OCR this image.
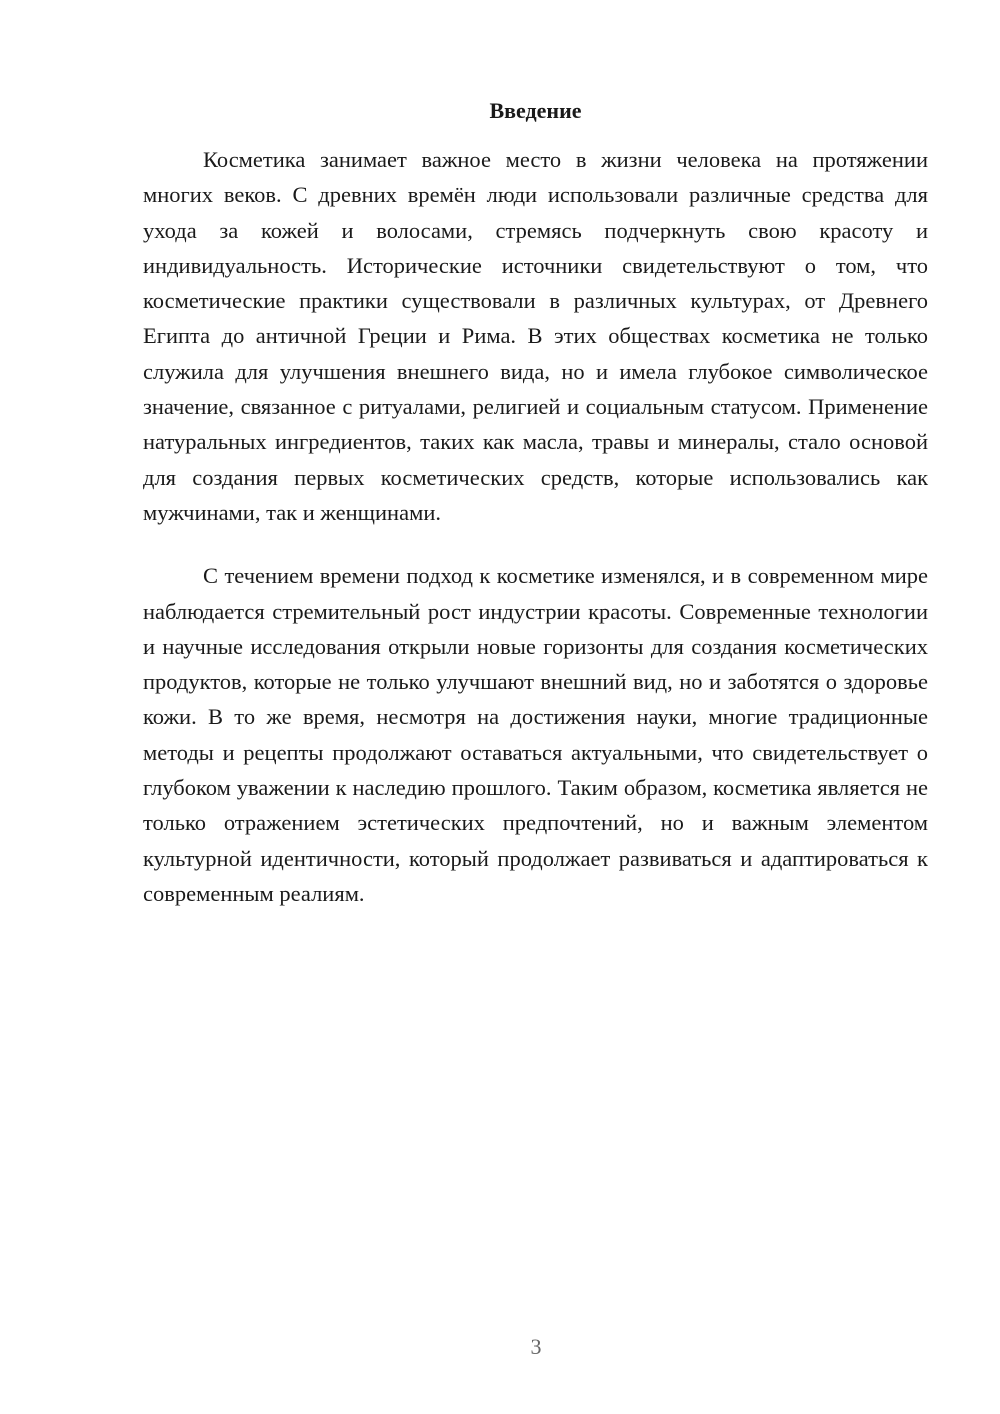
Введение

Косметика занимает важное место в жизни человека на протяжении многих веков. С древних времён люди использовали различные средства для ухода за кожей и волосами, стремясь подчеркнуть свою красоту и индивидуальность. Исторические источники свидетельствуют о том, что косметические практики существовали в различных культурах, от Древнего Египта до античной Греции и Рима. В этих обществах косметика не только служила для улучшения внешнего вида, но и имела глубокое символическое значение, связанное с ритуалами, религией и социальным статусом. Применение натуральных ингредиентов, таких как масла, травы и минералы, стало основой для создания первых косметических средств, которые использовались как мужчинами, так и женщинами.

С течением времени подход к косметике изменялся, и в современном мире наблюдается стремительный рост индустрии красоты. Современные технологии и научные исследования открыли новые горизонты для создания косметических продуктов, которые не только улучшают внешний вид, но и заботятся о здоровье кожи. В то же время, несмотря на достижения науки, многие традиционные методы и рецепты продолжают оставаться актуальными, что свидетельствует о глубоком уважении к наследию прошлого. Таким образом, косметика является не только отражением эстетических предпочтений, но и важным элементом культурной идентичности, который продолжает развиваться и адаптироваться к современным реалиям.

3
